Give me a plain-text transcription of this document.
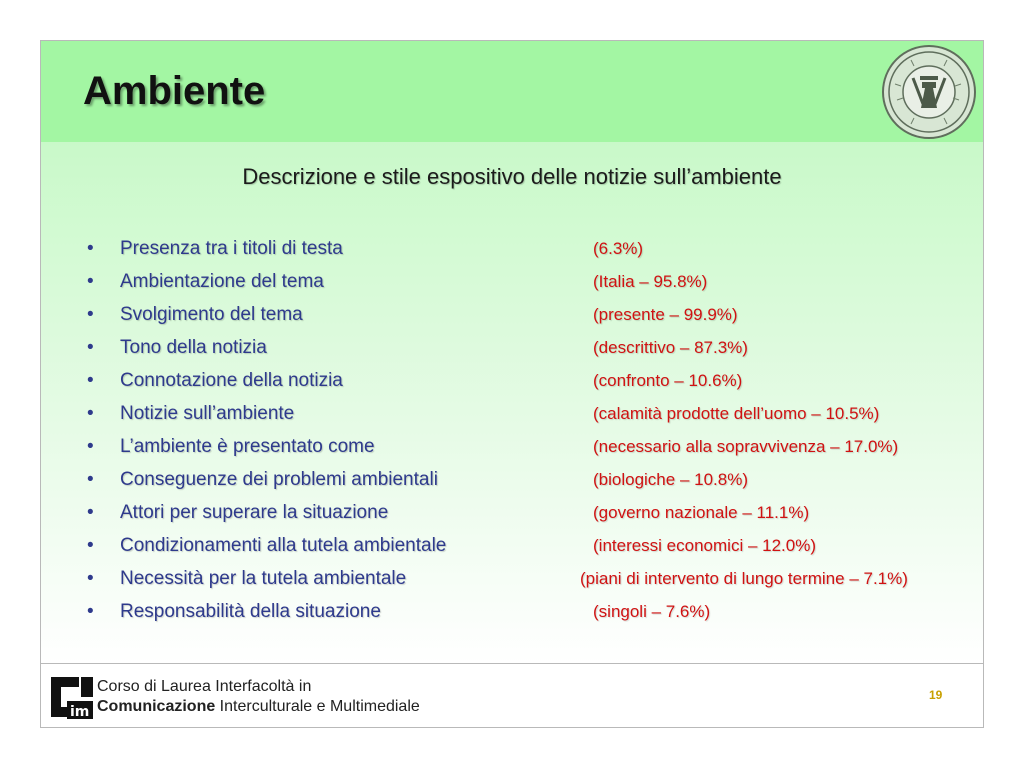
Ambiente
Descrizione e stile espositivo delle notizie sull’ambiente
• Presenza tra i titoli di testa	(6.3%)
• Ambientazione del tema	(Italia – 95.8%)
• Svolgimento del tema	(presente – 99.9%)
• Tono della notizia	(descrittivo – 87.3%)
• Connotazione della notizia	(confronto – 10.6%)
• Notizie sull’ambiente	(calamità prodotte dell’uomo – 10.5%)
• L’ambiente è presentato come	(necessario alla sopravvivenza – 17.0%)
• Conseguenze dei problemi ambientali	(biologiche – 10.8%)
• Attori per superare la situazione	(governo nazionale – 11.1%)
• Condizionamenti alla tutela ambientale	(interessi economici – 12.0%)
• Necessità per la tutela ambientale	(piani di intervento di lungo termine – 7.1%)
• Responsabilità della situazione	(singoli – 7.6%)
im
Corso di Laurea Interfacoltà in
Comunicazione Interculturale e Multimediale
19
